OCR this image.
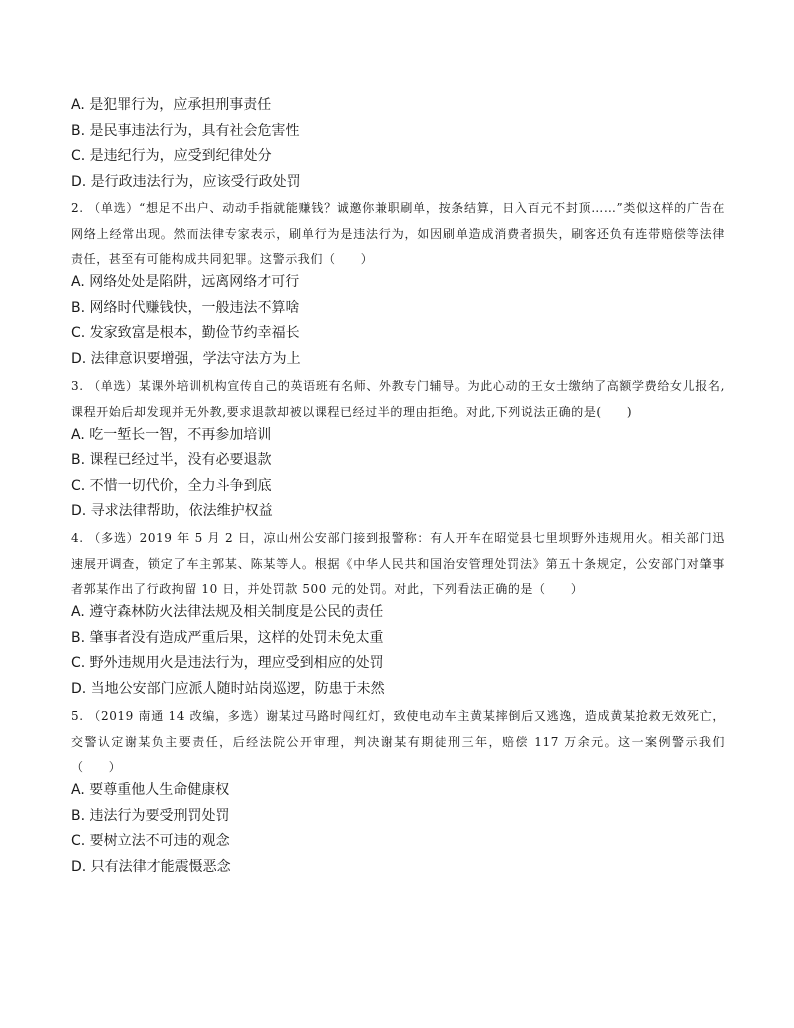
A. 是犯罪行为，应承担刑事责任
B. 是民事违法行为，具有社会危害性
C. 是违纪行为，应受到纪律处分
D. 是行政违法行为，应该受行政处罚
2. （单选）“想足不出户、动动手指就能赚钱？诚邀你兼职刷单，按条结算，日入百元不封顶……”类似这样的广告在网络上经常出现。然而法律专家表示，刷单行为是违法行为，如因刷单造成消费者损失，刷客还负有连带赔偿等法律责任，甚至有可能构成共同犯罪。这警示我们（　　）
A. 网络处处是陷阱，远离网络才可行
B. 网络时代赚钱快，一般违法不算啥
C. 发家致富是根本，勤俭节约幸福长
D. 法律意识要增强，学法守法方为上
3. （单选）某课外培训机构宣传自己的英语班有名师、外教专门辅导。为此心动的王女士缴纳了高额学费给女儿报名,课程开始后却发现并无外教,要求退款却被以课程已经过半的理由拒绝。对此,下列说法正确的是(　　)
A. 吃一堑长一智，不再参加培训
B. 课程已经过半，没有必要退款
C. 不惜一切代价，全力斗争到底
D. 寻求法律帮助，依法维护权益
4. （多选）2019 年 5 月 2 日，凉山州公安部门接到报警称：有人开车在昭觉县七里坝野外违规用火。相关部门迅速展开调查，锁定了车主郭某、陈某等人。根据《中华人民共和国治安管理处罚法》第五十条规定，公安部门对肇事者郭某作出了行政拘留 10 日，并处罚款 500 元的处罚。对此，下列看法正确的是（　　）
A. 遵守森林防火法律法规及相关制度是公民的责任
B. 肇事者没有造成严重后果，这样的处罚未免太重
C. 野外违规用火是违法行为，理应受到相应的处罚
D. 当地公安部门应派人随时站岗巡逻，防患于未然
5. （2019 南通 14 改编，多选）谢某过马路时闯红灯，致使电动车主黄某摔倒后又逃逸，造成黄某抢救无效死亡，交警认定谢某负主要责任，后经法院公开审理，判决谢某有期徒刑三年，赔偿 117 万余元。这一案例警示我们（　　）
A. 要尊重他人生命健康权
B. 违法行为要受刑罚处罚
C. 要树立法不可违的观念
D. 只有法律才能震慑恶念
